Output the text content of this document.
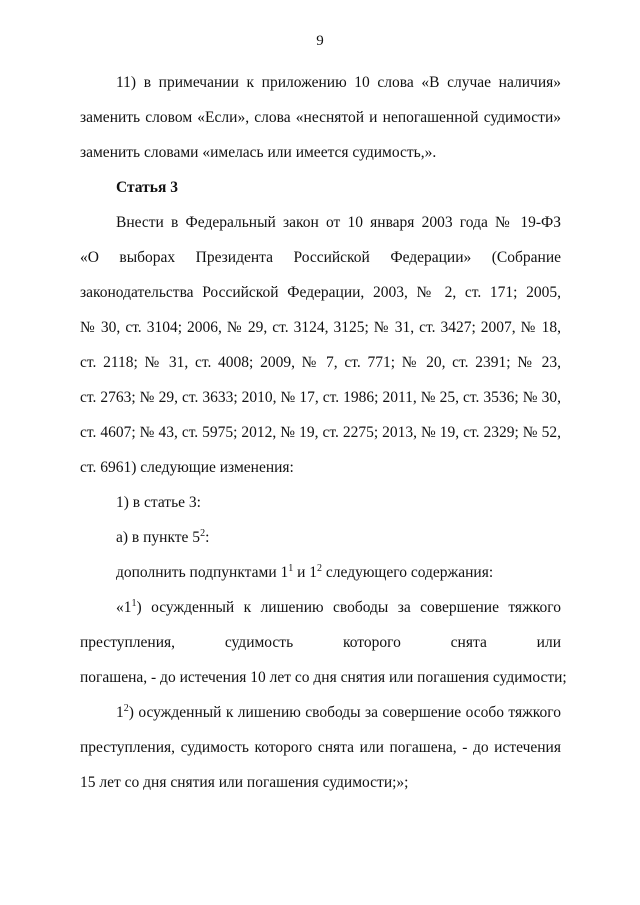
9
11) в примечании к приложению 10 слова «В случае наличия»
заменить словом «Если», слова «неснятой и непогашенной судимости»
заменить словами «имелась или имеется судимость,».
Статья 3
Внести в Федеральный закон от 10 января 2003 года № 19-ФЗ
«О выборах Президента Российской Федерации» (Собрание
законодательства Российской Федерации, 2003, № 2, ст. 171; 2005,
№ 30, ст. 3104; 2006, № 29, ст. 3124, 3125; № 31, ст. 3427; 2007, № 18,
ст. 2118; № 31, ст. 4008; 2009, № 7, ст. 771; № 20, ст. 2391; № 23,
ст. 2763; № 29, ст. 3633; 2010, № 17, ст. 1986; 2011, № 25, ст. 3536; № 30,
ст. 4607; № 43, ст. 5975; 2012, № 19, ст. 2275; 2013, № 19, ст. 2329; № 52,
ст. 6961) следующие изменения:
1) в статье 3:
а) в пункте $5^2$:
дополнить подпунктами $1^1$ и $1^2$ следующего содержания:
«$1^1$) осужденный к лишению свободы за совершение тяжкого
преступления, судимость которого снята или
погашена, - до истечения 10 лет со дня снятия или погашения судимости;
$1^2$) осужденный к лишению свободы за совершение особо тяжкого
преступления, судимость которого снята или погашена, - до истечения
15 лет со дня снятия или погашения судимости;»;
